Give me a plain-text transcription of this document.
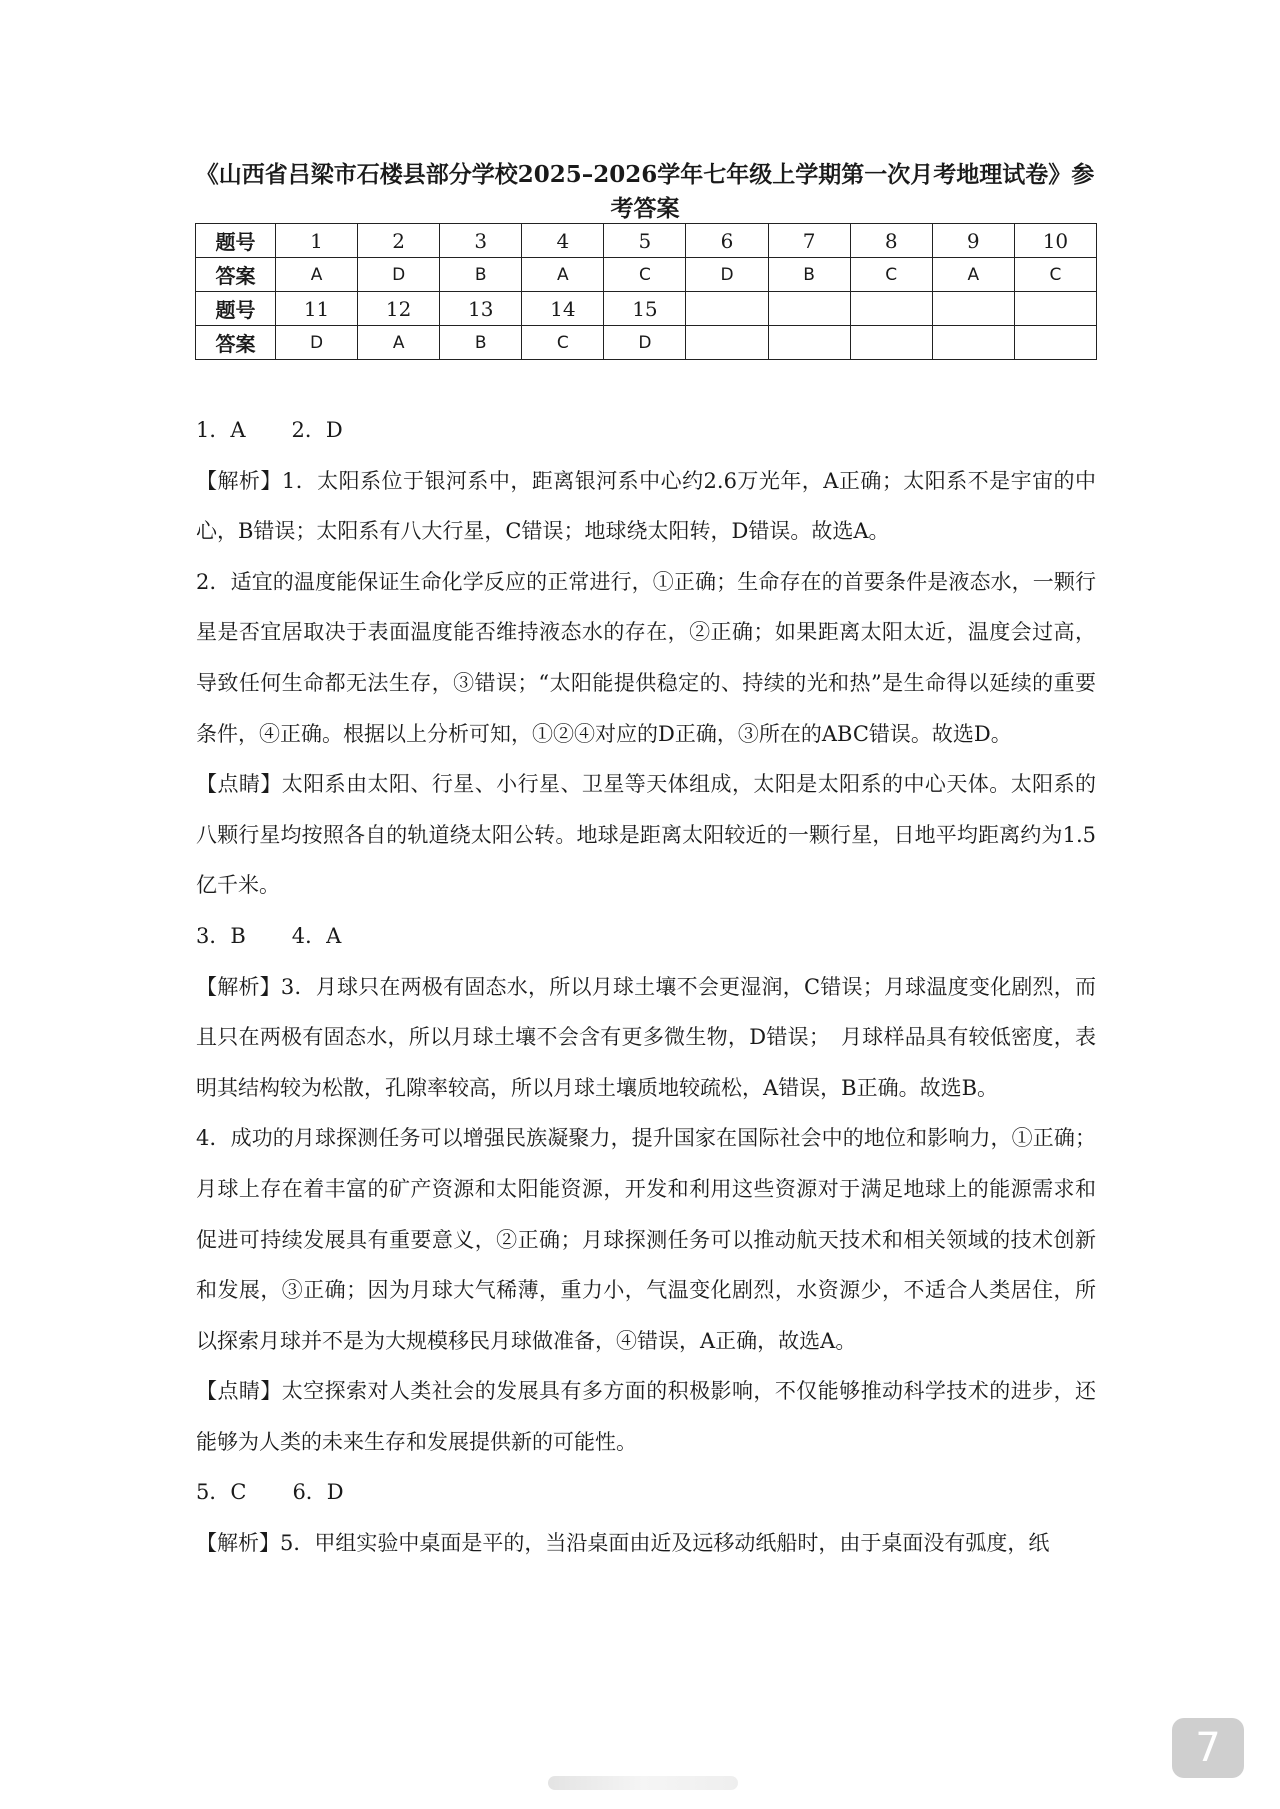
《山西省吕梁市石楼县部分学校2025–2026学年七年级上学期第一次月考地理试卷》参考答案
题号	1	2	3	4	5	6	7	8	9	10
答案	A	D	B	A	C	D	B	C	A	C
题号	11	12	13	14	15					
答案	D	A	B	C	D					

1．A 2．D

【解析】1．太阳系位于银河系中，距离银河系中心约2.6万光年，A正确；太阳系不是宇宙的中心，B错误；太阳系有八大行星，C错误；地球绕太阳转，D错误。故选A。

2．适宜的温度能保证生命化学反应的正常进行，①正确；生命存在的首要条件是液态水，一颗行星是否宜居取决于表面温度能否维持液态水的存在，②正确；如果距离太阳太近，温度会过高，导致任何生命都无法生存，③错误；“太阳能提供稳定的、持续的光和热”是生命得以延续的重要条件，④正确。根据以上分析可知，①②④对应的D正确，③所在的ABC错误。故选D。

【点睛】太阳系由太阳、行星、小行星、卫星等天体组成，太阳是太阳系的中心天体。太阳系的八颗行星均按照各自的轨道绕太阳公转。地球是距离太阳较近的一颗行星，日地平均距离约为1.5亿千米。

3．B 4．A

【解析】3．月球只在两极有固态水，所以月球土壤不会更湿润，C错误；月球温度变化剧烈，而且只在两极有固态水，所以月球土壤不会含有更多微生物，D错误；　月球样品具有较低密度，表明其结构较为松散，孔隙率较高，所以月球土壤质地较疏松，A错误，B正确。故选B。

4．成功的月球探测任务可以增强民族凝聚力，提升国家在国际社会中的地位和影响力，①正确；月球上存在着丰富的矿产资源和太阳能资源，开发和利用这些资源对于满足地球上的能源需求和促进可持续发展具有重要意义，②正确；月球探测任务可以推动航天技术和相关领域的技术创新和发展，③正确；因为月球大气稀薄，重力小，气温变化剧烈，水资源少，不适合人类居住，所以探索月球并不是为大规模移民月球做准备，④错误，A正确，故选A。

【点睛】太空探索对人类社会的发展具有多方面的积极影响，不仅能够推动科学技术的进步，还能够为人类的未来生存和发展提供新的可能性。

5．C 6．D

【解析】5．甲组实验中桌面是平的，当沿桌面由近及远移动纸船时，由于桌面没有弧度，纸

7
